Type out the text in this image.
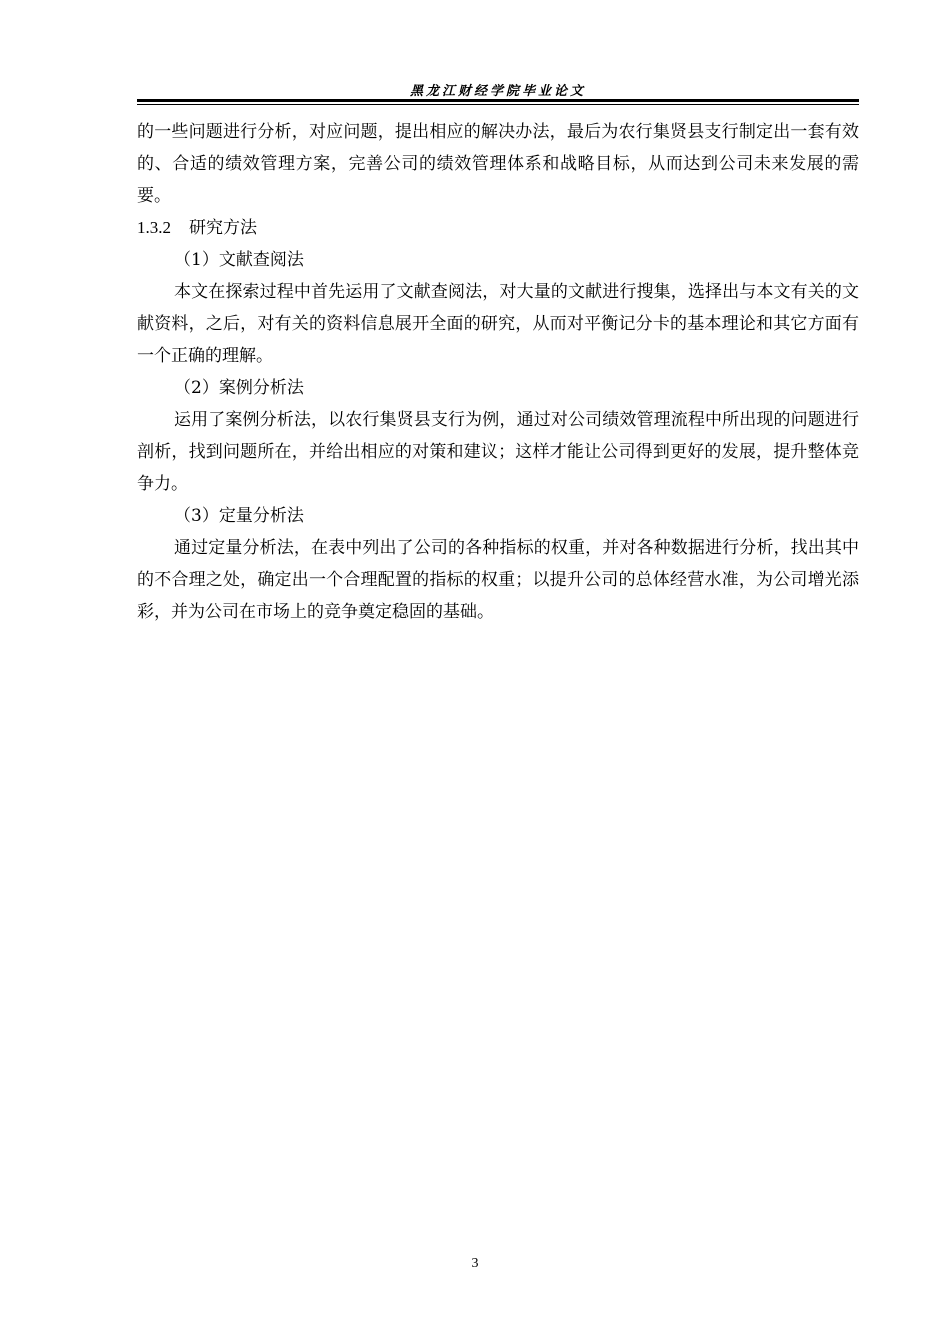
黑龙江财经学院毕业论文

的一些问题进行分析，对应问题，提出相应的解决办法，最后为农行集贤县支行制定出一套有效的、合适的绩效管理方案，完善公司的绩效管理体系和战略目标，从而达到公司未来发展的需要。

1.3.2 研究方法

（1）文献查阅法

本文在探索过程中首先运用了文献查阅法，对大量的文献进行搜集，选择出与本文有关的文献资料，之后，对有关的资料信息展开全面的研究，从而对平衡记分卡的基本理论和其它方面有一个正确的理解。

（2）案例分析法

运用了案例分析法，以农行集贤县支行为例，通过对公司绩效管理流程中所出现的问题进行剖析，找到问题所在，并给出相应的对策和建议；这样才能让公司得到更好的发展，提升整体竞争力。

（3）定量分析法

通过定量分析法，在表中列出了公司的各种指标的权重，并对各种数据进行分析，找出其中的不合理之处，确定出一个合理配置的指标的权重；以提升公司的总体经营水准，为公司增光添彩，并为公司在市场上的竞争奠定稳固的基础。

3
